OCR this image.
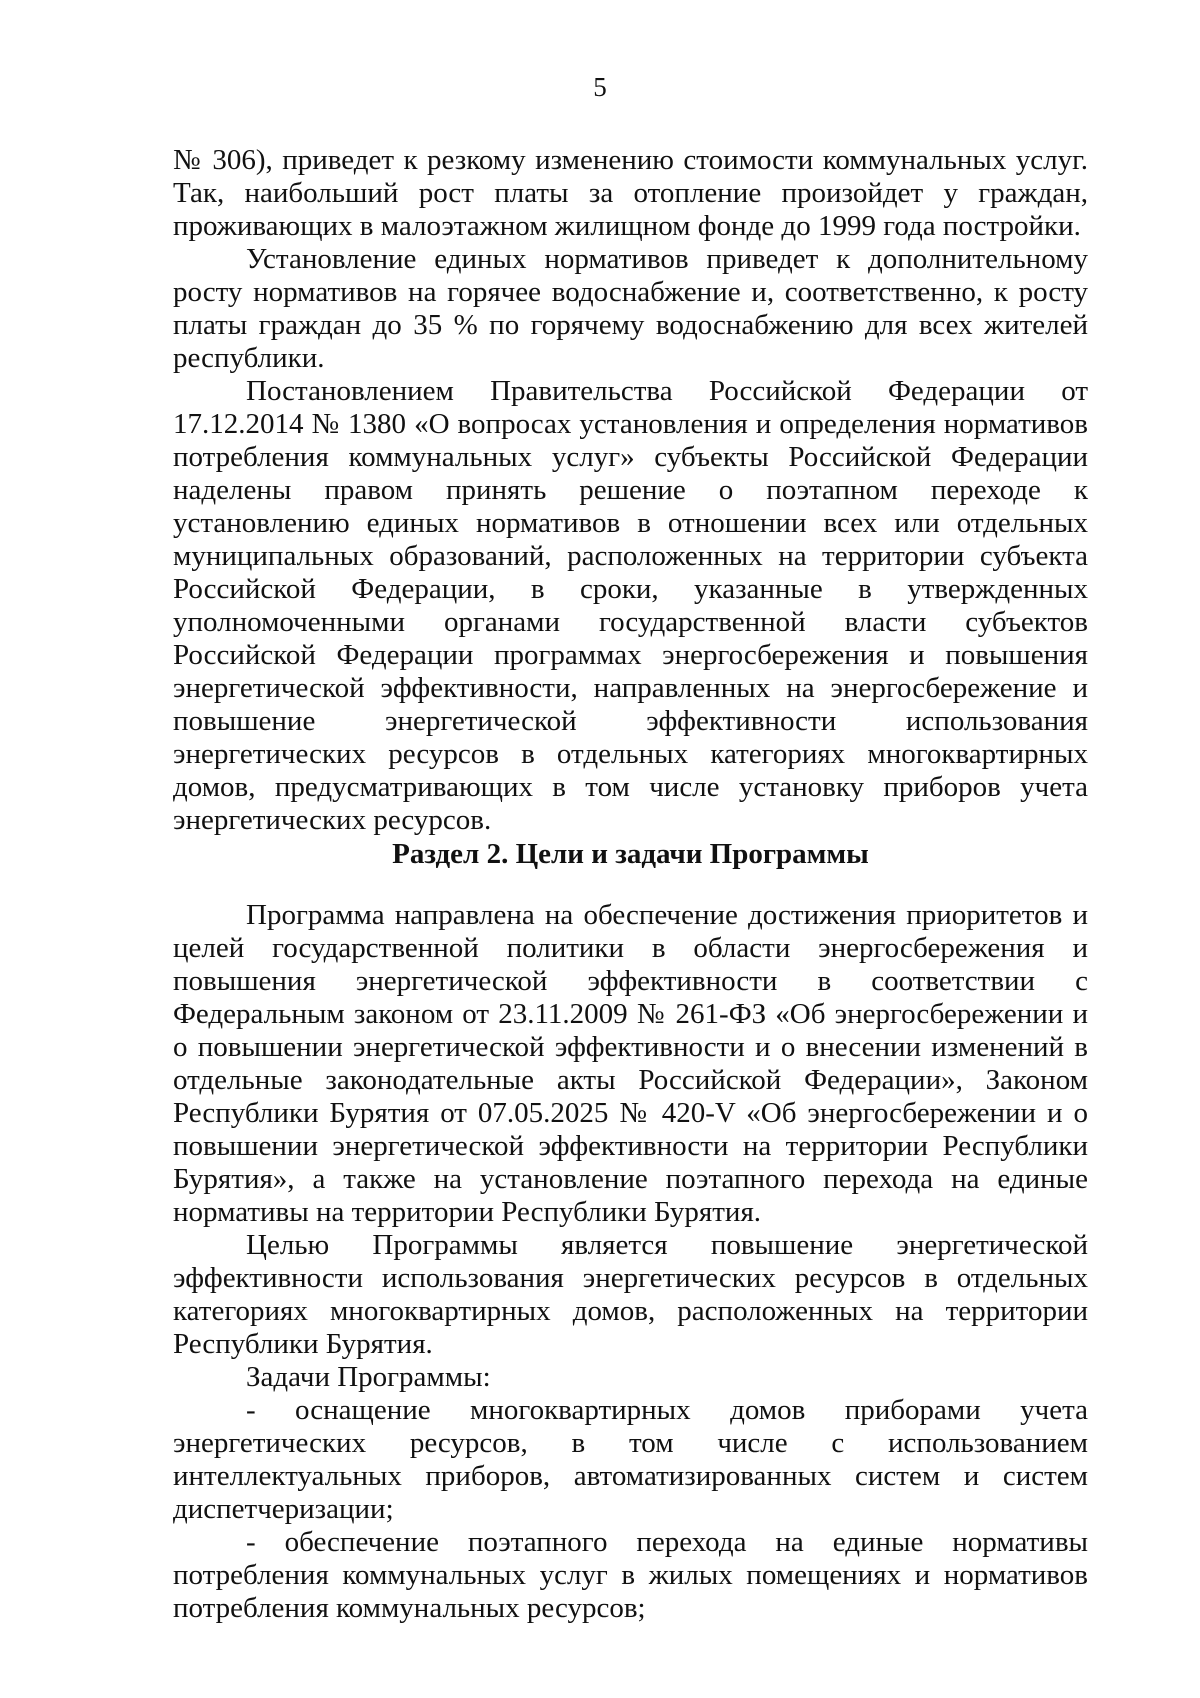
5

№ 306), приведет к резкому изменению стоимости коммунальных услуг. Так, наибольший рост платы за отопление произойдет у граждан, проживающих в малоэтажном жилищном фонде до 1999 года постройки.

Установление единых нормативов приведет к дополнительному росту нормативов на горячее водоснабжение и, соответственно, к росту платы граждан до 35 % по горячему водоснабжению для всех жителей республики.

Постановлением Правительства Российской Федерации от 17.12.2014 № 1380 «О вопросах установления и определения нормативов потребления коммунальных услуг» субъекты Российской Федерации наделены правом принять решение о поэтапном переходе к установлению единых нормативов в отношении всех или отдельных муниципальных образований, расположенных на территории субъекта Российской Федерации, в сроки, указанные в утвержденных уполномоченными органами государственной власти субъектов Российской Федерации программах энергосбережения и повышения энергетической эффективности, направленных на энергосбережение и повышение энергетической эффективности использования энергетических ресурсов в отдельных категориях многоквартирных домов, предусматривающих в том числе установку приборов учета энергетических ресурсов.

Раздел 2. Цели и задачи Программы

Программа направлена на обеспечение достижения приоритетов и целей государственной политики в области энергосбережения и повышения энергетической эффективности в соответствии с Федеральным законом от 23.11.2009 № 261-ФЗ «Об энергосбережении и о повышении энергетической эффективности и о внесении изменений в отдельные законодательные акты Российской Федерации», Законом Республики Бурятия от 07.05.2025 № 420-V «Об энергосбережении и о повышении энергетической эффективности на территории Республики Бурятия», а также на установление поэтапного перехода на единые нормативы на территории Республики Бурятия.

Целью Программы является повышение энергетической эффективности использования энергетических ресурсов в отдельных категориях многоквартирных домов, расположенных на территории Республики Бурятия.

Задачи Программы:

- оснащение многоквартирных домов приборами учета энергетических ресурсов, в том числе с использованием интеллектуальных приборов, автоматизированных систем и систем диспетчеризации;

- обеспечение поэтапного перехода на единые нормативы потребления коммунальных услуг в жилых помещениях и нормативов потребления коммунальных ресурсов;
